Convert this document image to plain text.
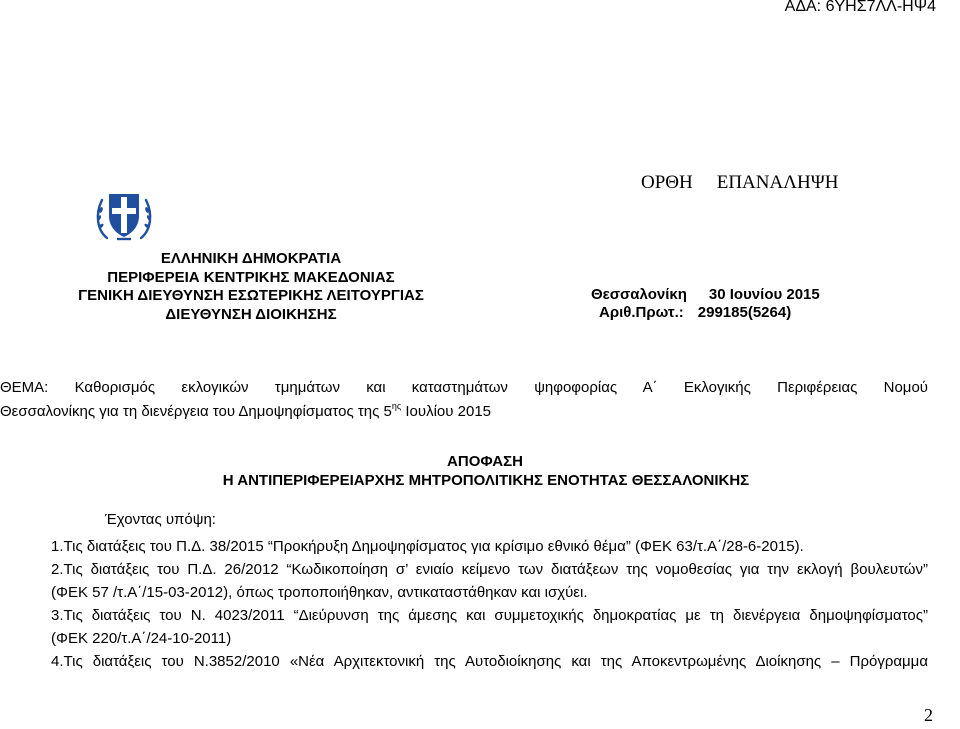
ΑΔΑ: 6ΥΗΣ7ΛΛ-ΗΨ4
ΟΡΘΗ ΕΠΑΝΑΛΗΨΗ
ΕΛΛΗΝΙΚΗ ΔΗΜΟΚΡΑΤΙΑ
ΠΕΡΙΦΕΡΕΙΑ ΚΕΝΤΡΙΚΗΣ ΜΑΚΕΔΟΝΙΑΣ
ΓΕΝΙΚΗ ΔΙΕΥΘΥΝΣΗ ΕΣΩΤΕΡΙΚΗΣ ΛΕΙΤΟΥΡΓΙΑΣ
ΔΙΕΥΘΥΝΣΗ ΔΙΟΙΚΗΣΗΣ
Θεσσαλονίκη 30 Ιουνίου 2015
Αριθ.Πρωτ.: 299185(5264)
ΘΕΜΑ: Καθορισμός εκλογικών τμημάτων και καταστημάτων ψηφοφορίας Α΄ Εκλογικής Περιφέρειας Νομού
Θεσσαλονίκης για τη διενέργεια του Δημοψηφίσματος της $5^{\eta\varsigma}$ Ιουλίου 2015
ΑΠΟΦΑΣΗ
Η ΑΝΤΙΠΕΡΙΦΕΡΕΙΑΡΧΗΣ ΜΗΤΡΟΠΟΛΙΤΙΚΗΣ ΕΝΟΤΗΤΑΣ ΘΕΣΣΑΛΟΝΙΚΗΣ
Έχοντας υπόψη:
1.Τις διατάξεις του Π.Δ. 38/2015 “Προκήρυξη Δημοψηφίσματος για κρίσιμο εθνικό θέμα” (ΦΕΚ 63/τ.Α΄/28-6-2015).
2.Τις διατάξεις του Π.Δ. 26/2012 “Κωδικοποίηση σ’ ενιαίο κείμενο των διατάξεων της νομοθεσίας για την εκλογή βουλευτών”
(ΦΕΚ 57 /τ.Α΄/15-03-2012), όπως τροποποιήθηκαν, αντικαταστάθηκαν και ισχύει.
3.Τις διατάξεις του Ν. 4023/2011 “Διεύρυνση της άμεσης και συμμετοχικής δημοκρατίας με τη διενέργεια δημοψηφίσματος”
(ΦΕΚ 220/τ.Α΄/24-10-2011)
4.Τις διατάξεις του Ν.3852/2010 «Νέα Αρχιτεκτονική της Αυτοδιοίκησης και της Αποκεντρωμένης Διοίκησης – Πρόγραμμα
2
